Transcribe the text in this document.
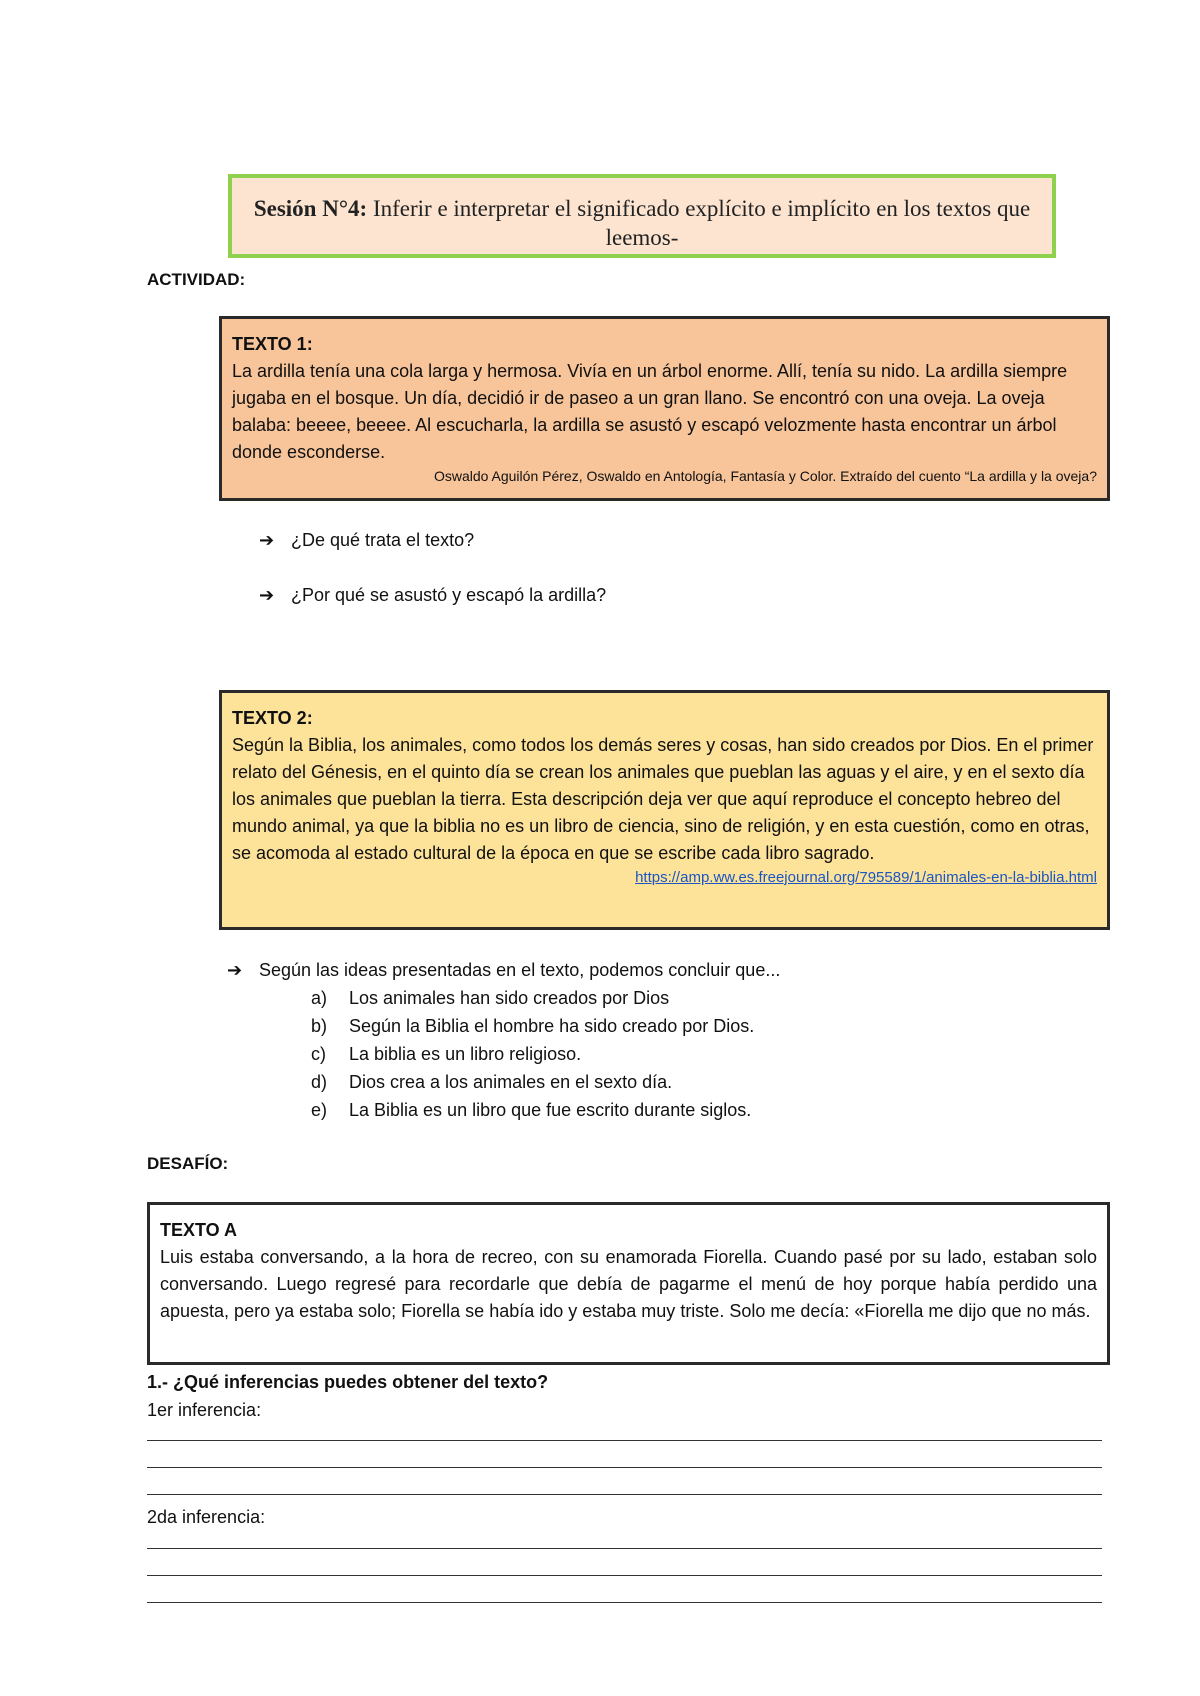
Sesión N°4: Inferir e interpretar el significado explícito e implícito en los textos que leemos-
ACTIVIDAD:
TEXTO 1:
La ardilla tenía una cola larga y hermosa. Vivía en un árbol enorme. Allí, tenía su nido. La ardilla siempre jugaba en el bosque. Un día, decidió ir de paseo a un gran llano. Se encontró con una oveja. La oveja balaba: beeee, beeee. Al escucharla, la ardilla se asustó y escapó velozmente hasta encontrar un árbol donde esconderse.
Oswaldo Aguilón Pérez, Oswaldo en Antología, Fantasía y Color. Extraído del cuento “La ardilla y la oveja?
➔ ¿De qué trata el texto?
➔ ¿Por qué se asustó y escapó la ardilla?
TEXTO 2:
Según la Biblia, los animales, como todos los demás seres y cosas, han sido creados por Dios. En el primer relato del Génesis, en el quinto día se crean los animales que pueblan las aguas y el aire, y en el sexto día los animales que pueblan la tierra. Esta descripción deja ver que aquí reproduce el concepto hebreo del mundo animal, ya que la biblia no es un libro de ciencia, sino de religión, y en esta cuestión, como en otras, se acomoda al estado cultural de la época en que se escribe cada libro sagrado.
https://amp.ww.es.freejournal.org/795589/1/animales-en-la-biblia.html
➔ Según las ideas presentadas en el texto, podemos concluir que...
a)	Los animales han sido creados por Dios
b)	Según la Biblia el hombre ha sido creado por Dios.
c)	La biblia es un libro religioso.
d)	Dios crea a los animales en el sexto día.
e)	La Biblia es un libro que fue escrito durante siglos.
DESAFÍO:
TEXTO A
Luis estaba conversando, a la hora de recreo, con su enamorada Fiorella. Cuando pasé por su lado, estaban solo conversando. Luego regresé para recordarle que debía de pagarme el menú de hoy porque había perdido una apuesta, pero ya estaba solo; Fiorella se había ido y estaba muy triste. Solo me decía: «Fiorella me dijo que no más.
1.- ¿Qué inferencias puedes obtener del texto?
1er inferencia:
2da inferencia:
